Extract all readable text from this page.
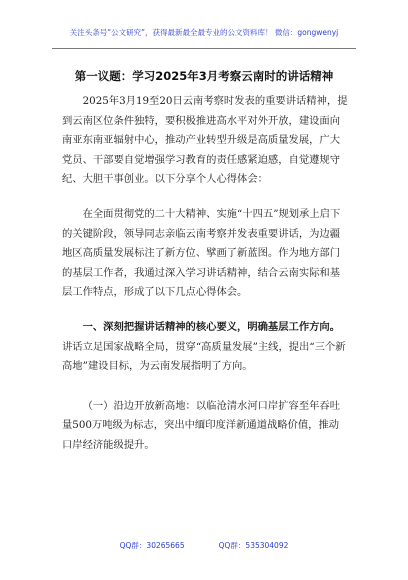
关注头条号“公文研究”，获得最新最全最专业的公文资料库！ 微信：gongwenyj
第一议题：学习2025年3月考察云南时的讲话精神

2025年3月19至20日云南考察时发表的重要讲话精神，提到云南区位条件独特，要积极推进高水平对外开放，建设面向南亚东南亚辐射中心，推动产业转型升级是高质量发展，广大党员、干部要自觉增强学习教育的责任感紧迫感，自觉遵规守纪、大胆干事创业。以下分享个人心得体会：

在全面贯彻党的二十大精神、实施“十四五”规划承上启下的关键阶段，领导同志亲临云南考察并发表重要讲话，为边疆地区高质量发展标注了新方位、擘画了新蓝图。作为地方部门的基层工作者，我通过深入学习讲话精神，结合云南实际和基层工作特点，形成了以下几点心得体会。

一、深刻把握讲话精神的核心要义，明确基层工作方向。

讲话立足国家战略全局，贯穿“高质量发展”主线，提出“三个新高地”建设目标，为云南发展指明了方向。

（一）沿边开放新高地：以临沧清水河口岸扩容至年吞吐量500万吨级为标志，突出中缅印度洋新通道战略价值，推动口岸经济能级提升。

QQ群：30265665	QQ群：535304092
